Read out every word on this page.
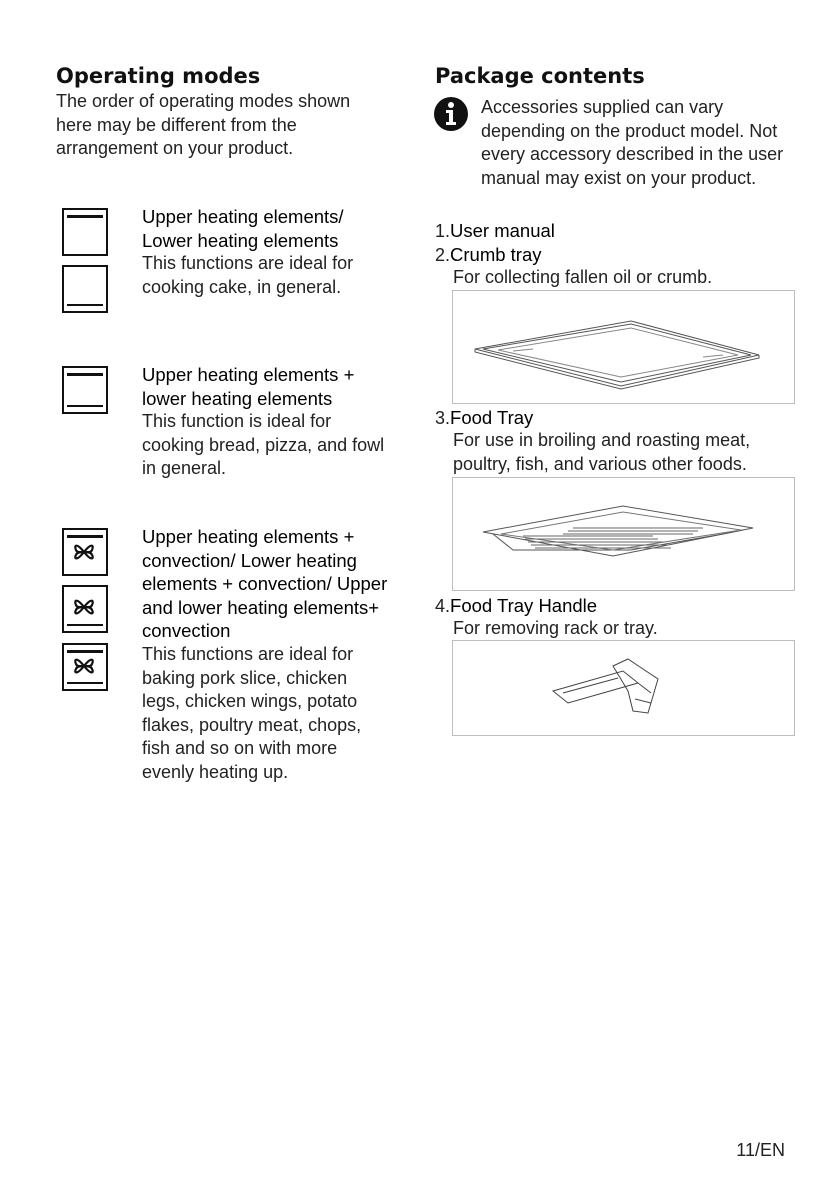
Operating modes
The order of operating modes shown here may be different from the arrangement on your product.
Upper heating elements/ Lower heating elements
This functions are ideal for cooking cake, in general.
Upper heating elements + lower heating elements
This function is ideal for cooking bread, pizza, and fowl in general.
Upper heating elements + convection/ Lower heating elements + convection/ Upper and lower heating elements+ convection
This functions are ideal for baking pork slice, chicken legs, chicken wings, potato flakes, poultry meat, chops, fish and so on with more evenly heating up.
Package contents
Accessories supplied can vary depending on the product model. Not every accessory described in the user manual may exist on your product.
1.User manual
2.Crumb tray
For collecting fallen oil or crumb.
3.Food Tray
For use in broiling and roasting meat, poultry, fish, and various other foods.
4.Food Tray Handle
For removing rack or tray.
11/EN
